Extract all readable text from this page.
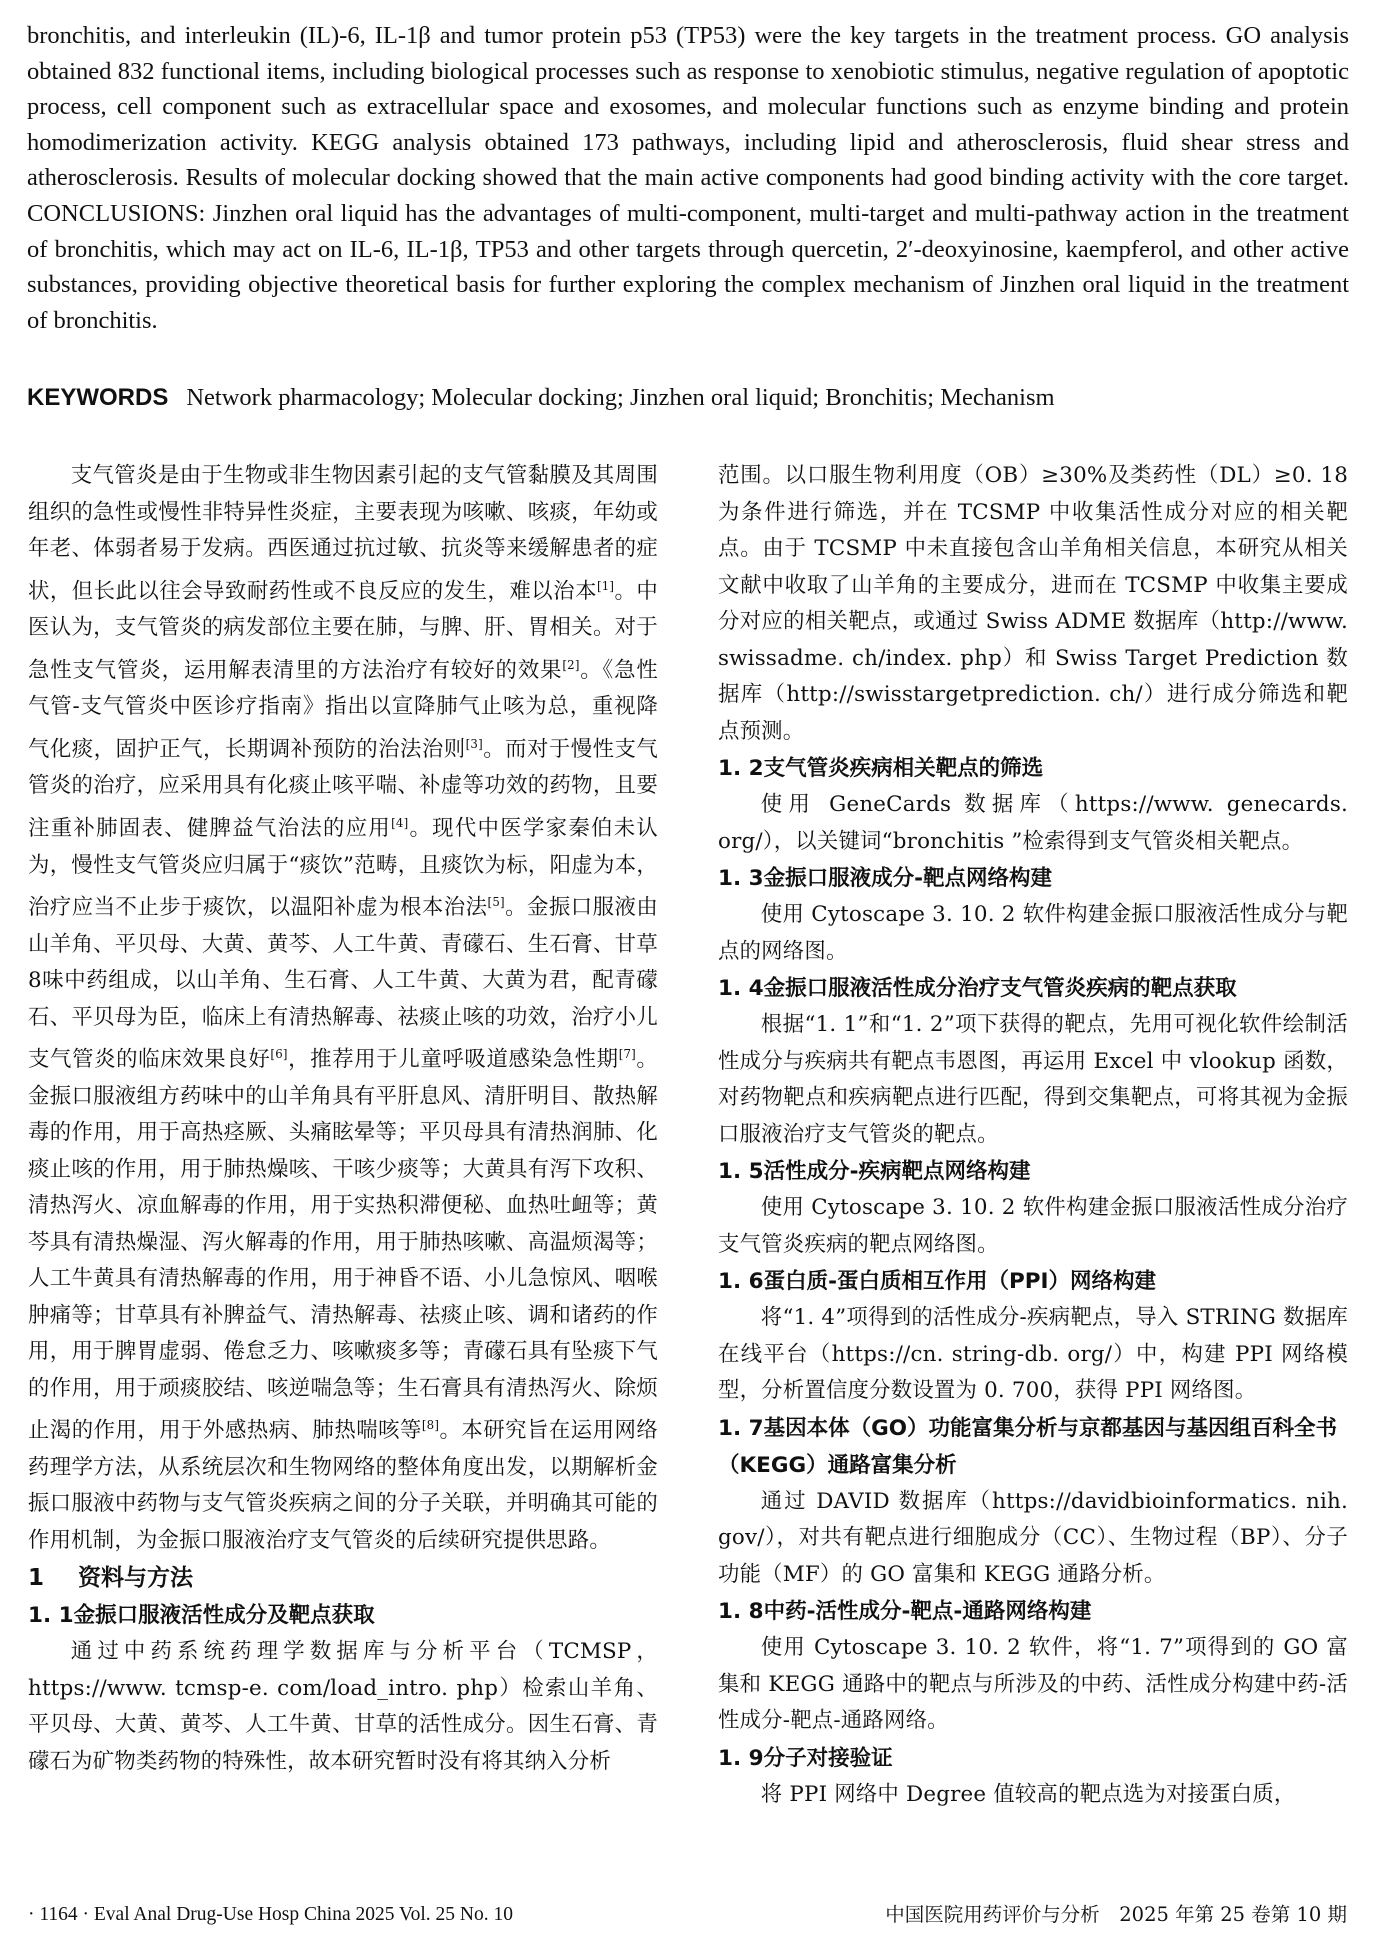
bronchitis, and interleukin (IL)-6, IL-1β and tumor protein p53 (TP53) were the key targets in the treatment process. GO analysis obtained 832 functional items, including biological processes such as response to xenobiotic stimulus, negative regulation of apoptotic process, cell component such as extracellular space and exosomes, and molecular functions such as enzyme binding and protein homodimerization activity. KEGG analysis obtained 173 pathways, including lipid and atherosclerosis, fluid shear stress and atherosclerosis. Results of molecular docking showed that the main active components had good binding activity with the core target. CONCLUSIONS: Jinzhen oral liquid has the advantages of multi-component, multi-target and multi-pathway action in the treatment of bronchitis, which may act on IL-6, IL-1β, TP53 and other targets through quercetin, 2′-deoxyinosine, kaempferol, and other active substances, providing objective theoretical basis for further exploring the complex mechanism of Jinzhen oral liquid in the treatment of bronchitis.
KEYWORDS Network pharmacology; Molecular docking; Jinzhen oral liquid; Bronchitis; Mechanism

支气管炎是由于生物或非生物因素引起的支气管黏膜及其周围组织的急性或慢性非特异性炎症，主要表现为咳嗽、咳痰，年幼或年老、体弱者易于发病。西医通过抗过敏、抗炎等来缓解患者的症状，但长此以往会导致耐药性或不良反应的发生，难以治本[1]。中医认为，支气管炎的病发部位主要在肺，与脾、肝、胃相关。对于急性支气管炎，运用解表清里的方法治疗有较好的效果[2]。《急性气管-支气管炎中医诊疗指南》指出以宣降肺气止咳为总，重视降气化痰，固护正气，长期调补预防的治法治则[3]。而对于慢性支气管炎的治疗，应采用具有化痰止咳平喘、补虚等功效的药物，且要注重补肺固表、健脾益气治法的应用[4]。现代中医学家秦伯未认为，慢性支气管炎应归属于“痰饮”范畴，且痰饮为标，阳虚为本，治疗应当不止步于痰饮，以温阳补虚为根本治法[5]。金振口服液由山羊角、平贝母、大黄、黄芩、人工牛黄、青礞石、生石膏、甘草8味中药组成，以山羊角、生石膏、人工牛黄、大黄为君，配青礞石、平贝母为臣，临床上有清热解毒、祛痰止咳的功效，治疗小儿支气管炎的临床效果良好[6]，推荐用于儿童呼吸道感染急性期[7]。金振口服液组方药味中的山羊角具有平肝息风、清肝明目、散热解毒的作用，用于高热痉厥、头痛眩晕等；平贝母具有清热润肺、化痰止咳的作用，用于肺热燥咳、干咳少痰等；大黄具有泻下攻积、清热泻火、凉血解毒的作用，用于实热积滞便秘、血热吐衄等；黄芩具有清热燥湿、泻火解毒的作用，用于肺热咳嗽、高温烦渴等；人工牛黄具有清热解毒的作用，用于神昏不语、小儿急惊风、咽喉肿痛等；甘草具有补脾益气、清热解毒、祛痰止咳、调和诸药的作用，用于脾胃虚弱、倦怠乏力、咳嗽痰多等；青礞石具有坠痰下气的作用，用于顽痰胶结、咳逆喘急等；生石膏具有清热泻火、除烦止渴的作用，用于外感热病、肺热喘咳等[8]。本研究旨在运用网络药理学方法，从系统层次和生物网络的整体角度出发，以期解析金振口服液中药物与支气管炎疾病之间的分子关联，并明确其可能的作用机制，为金振口服液治疗支气管炎的后续研究提供思路。

1 资料与方法
1. 1金振口服液活性成分及靶点获取

通过中药系统药理学数据库与分析平台（TCMSP，https://www. tcmsp-e. com/load_intro. php）检索山羊角、平贝母、大黄、黄芩、人工牛黄、甘草的活性成分。因生石膏、青礞石为矿物类药物的特殊性，故本研究暂时没有将其纳入分析

范围。以口服生物利用度（OB）≥30%及类药性（DL）≥0. 18为条件进行筛选，并在 TCSMP 中收集活性成分对应的相关靶点。由于 TCSMP 中未直接包含山羊角相关信息，本研究从相关文献中收取了山羊角的主要成分，进而在 TCSMP 中收集主要成分对应的相关靶点，或通过 Swiss ADME 数据库（http://www. swissadme. ch/index. php）和 Swiss Target Prediction 数据库（http://swisstargetprediction. ch/）进行成分筛选和靶点预测。

1. 2支气管炎疾病相关靶点的筛选

使用 GeneCards 数据库（https://www. genecards. org/），以关键词“bronchitis ”检索得到支气管炎相关靶点。

1. 3金振口服液成分-靶点网络构建

使用 Cytoscape 3. 10. 2 软件构建金振口服液活性成分与靶点的网络图。

1. 4金振口服液活性成分治疗支气管炎疾病的靶点获取

根据“1. 1”和“1. 2”项下获得的靶点，先用可视化软件绘制活性成分与疾病共有靶点韦恩图，再运用 Excel 中 vlookup 函数，对药物靶点和疾病靶点进行匹配，得到交集靶点，可将其视为金振口服液治疗支气管炎的靶点。

1. 5活性成分-疾病靶点网络构建

使用 Cytoscape 3. 10. 2 软件构建金振口服液活性成分治疗支气管炎疾病的靶点网络图。

1. 6蛋白质-蛋白质相互作用（PPI）网络构建

将“1. 4”项得到的活性成分-疾病靶点，导入 STRING 数据库在线平台（https://cn. string-db. org/）中，构建 PPI 网络模型，分析置信度分数设置为 0. 700，获得 PPI 网络图。

1. 7基因本体（GO）功能富集分析与京都基因与基因组百科全书（KEGG）通路富集分析

通过 DAVID 数据库（https://davidbioinformatics. nih. gov/），对共有靶点进行细胞成分（CC）、生物过程（BP）、分子功能（MF）的 GO 富集和 KEGG 通路分析。

1. 8中药-活性成分-靶点-通路网络构建

使用 Cytoscape 3. 10. 2 软件，将“1. 7”项得到的 GO 富集和 KEGG 通路中的靶点与所涉及的中药、活性成分构建中药-活性成分-靶点-通路网络。

1. 9分子对接验证

将 PPI 网络中 Degree 值较高的靶点选为对接蛋白质，

· 1164 · Eval Anal Drug-Use Hosp China 2025 Vol. 25 No. 10	中国医院用药评价与分析　2025 年第 25 卷第 10 期
